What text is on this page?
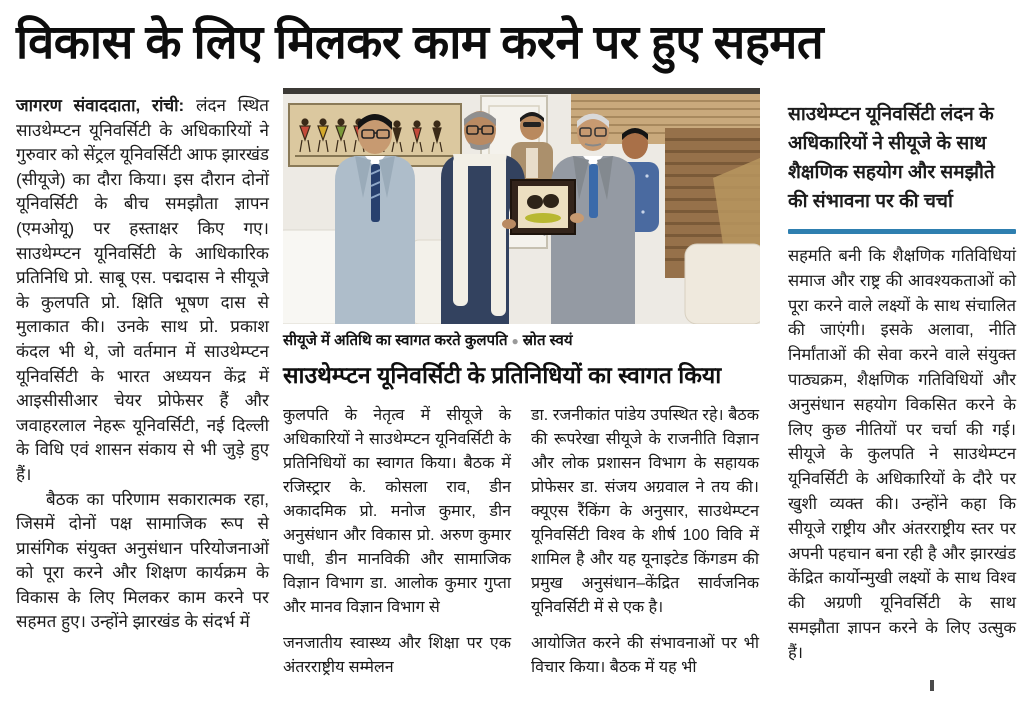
विकास के लिए मिलकर काम करने पर हुए सहमत
जागरण संवाददाता, रांची: लंदन स्थित साउथेम्प्टन यूनिवर्सिटी के अधिकारियों ने गुरुवार को सेंट्रल यूनिवर्सिटी आफ झारखंड (सीयूजे) का दौरा किया। इस दौरान दोनों यूनिवर्सिटी के बीच समझौता ज्ञापन (एमओयू) पर हस्ताक्षर किए गए। साउथेम्प्टन यूनिवर्सिटी के आधिकारिक प्रतिनिधि प्रो. साबू एस. पद्मदास ने सीयूजे के कुलपति प्रो. क्षिति भूषण दास से मुलाकात की। उनके साथ प्रो. प्रकाश कंदल भी थे, जो वर्तमान में साउथेम्प्टन यूनिवर्सिटी के भारत अध्ययन केंद्र में आइसीसीआर चेयर प्रोफेसर हैं और जवाहरलाल नेहरू यूनिवर्सिटी, नई दिल्ली के विधि एवं शासन संकाय से भी जुड़े हुए हैं।
बैठक का परिणाम सकारात्मक रहा, जिसमें दोनों पक्ष सामाजिक रूप से प्रासंगिक संयुक्त अनुसंधान परियोजनाओं को पूरा करने और शिक्षण कार्यक्रम के विकास के लिए मिलकर काम करने पर सहमत हुए। उन्होंने झारखंड के संदर्भ में
सीयूजे में अतिथि का स्वागत करते कुलपति ● स्रोत स्वयं
साउथेम्प्टन यूनिवर्सिटी के प्रतिनिधियों का स्वागत किया
कुलपति के नेतृत्व में सीयूजे के अधिकारियों ने साउथेम्प्टन यूनिवर्सिटी के प्रतिनिधियों का स्वागत किया। बैठक में रजिस्ट्रार के. कोसला राव, डीन अकादमिक प्रो. मनोज कुमार, डीन अनुसंधान और विकास प्रो. अरुण कुमार पाधी, डीन मानविकी और सामाजिक विज्ञान विभाग डा. आलोक कुमार गुप्ता और मानव विज्ञान विभाग से
जनजातीय स्वास्थ्य और शिक्षा पर एक अंतरराष्ट्रीय सम्मेलन
डा. रजनीकांत पांडेय उपस्थित रहे। बैठक की रूपरेखा सीयूजे के राजनीति विज्ञान और लोक प्रशासन विभाग के सहायक प्रोफेसर डा. संजय अग्रवाल ने तय की। क्यूएस रैंकिंग के अनुसार, साउथेम्प्टन यूनिवर्सिटी विश्व के शीर्ष 100 विवि में शामिल है और यह यूनाइटेड किंगडम की प्रमुख अनुसंधान–केंद्रित सार्वजनिक यूनिवर्सिटी में से एक है।
आयोजित करने की संभावनाओं पर भी विचार किया। बैठक में यह भी
साउथेम्प्टन यूनिवर्सिटी लंदन के अधिकारियों ने सीयूजे के साथ शैक्षणिक सहयोग और समझौते की संभावना पर की चर्चा
सहमति बनी कि शैक्षणिक गतिविधियां समाज और राष्ट्र की आवश्यकताओं को पूरा करने वाले लक्ष्यों के साथ संचालित की जाएंगी। इसके अलावा, नीति निर्मांताओं की सेवा करने वाले संयुक्त पाठ्यक्रम, शैक्षणिक गतिविधियों और अनुसंधान सहयोग विकसित करने के लिए कुछ नीतियों पर चर्चा की गई। सीयूजे के कुलपति ने साउथेम्प्टन यूनिवर्सिटी के अधिकारियों के दौरे पर खुशी व्यक्त की। उन्होंने कहा कि सीयूजे राष्ट्रीय और अंतरराष्ट्रीय स्तर पर अपनी पहचान बना रही है और झारखंड केंद्रित कार्योन्मुखी लक्ष्यों के साथ विश्व की अग्रणी यूनिवर्सिटी के साथ समझौता ज्ञापन करने के लिए उत्सुक हैं।
